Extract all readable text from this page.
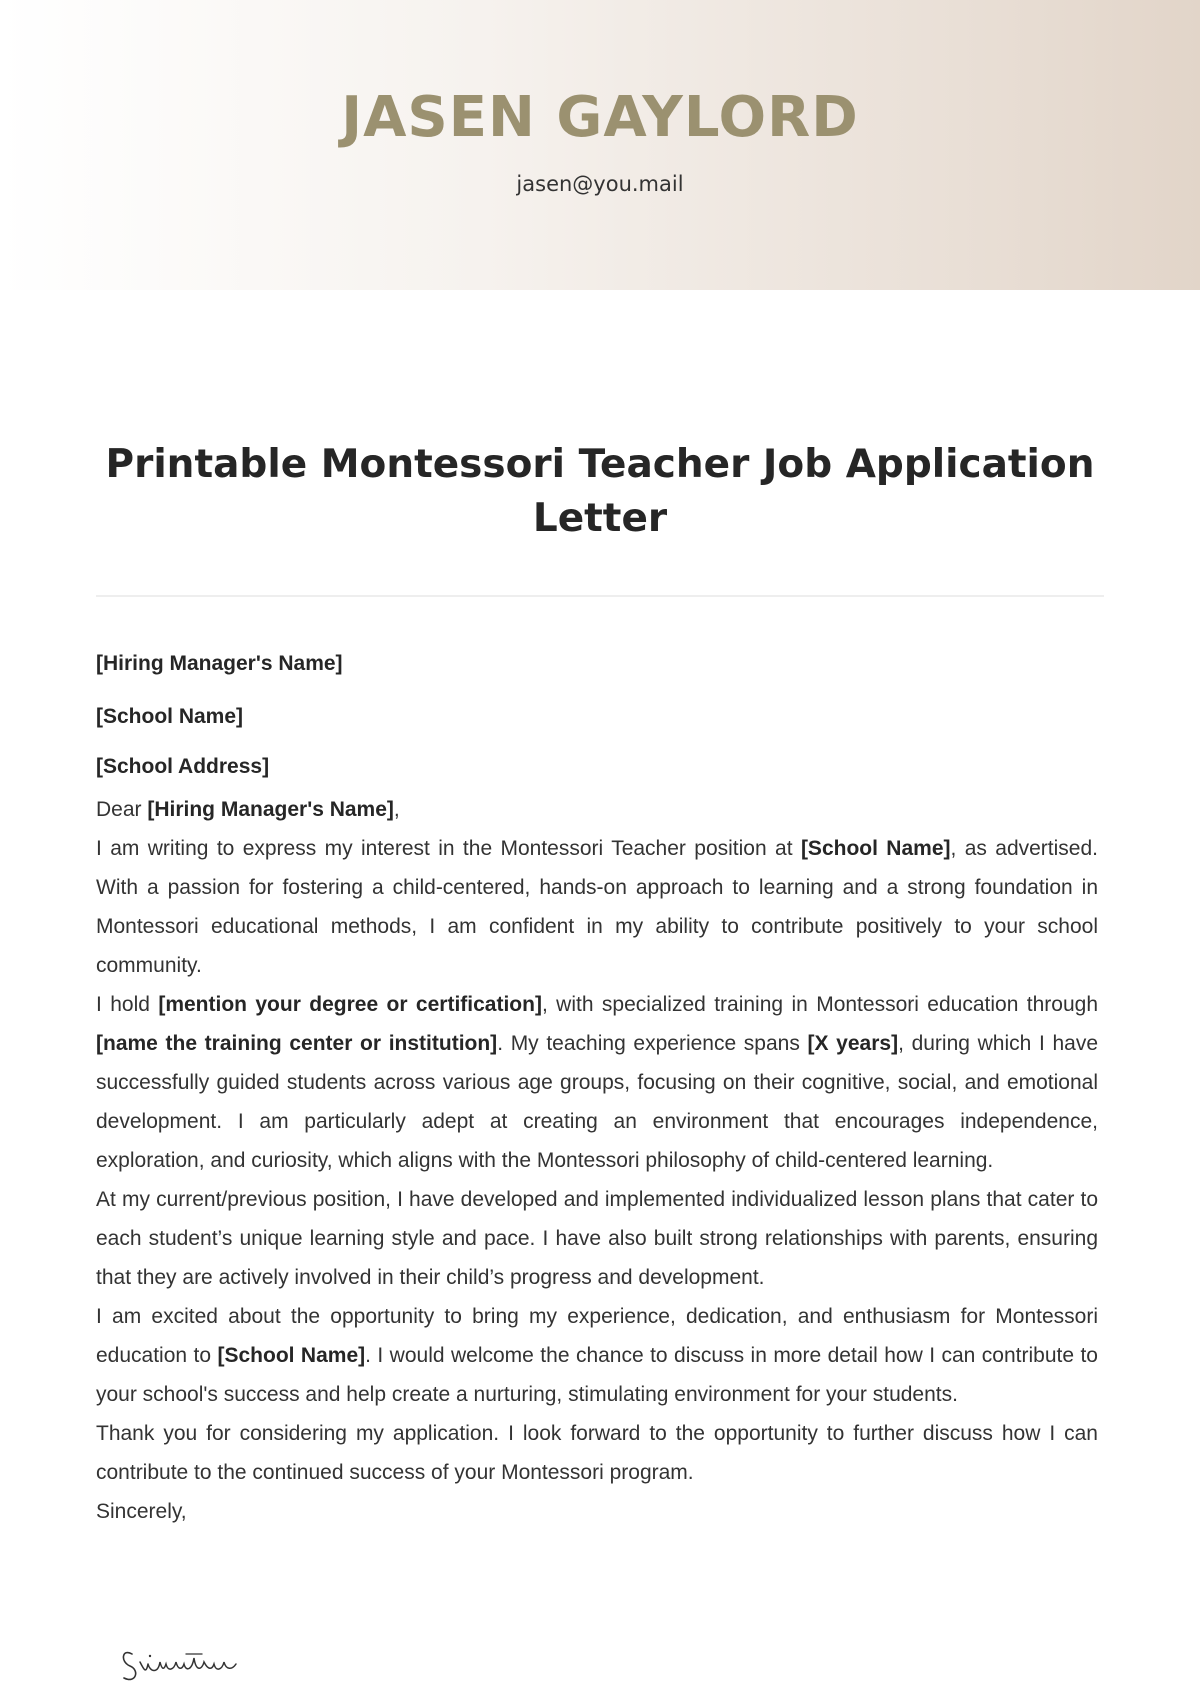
JASEN GAYLORD
jasen@you.mail
Printable Montessori Teacher Job Application Letter
[Hiring Manager's Name]
[School Name]
[School Address]

Dear [Hiring Manager's Name],

I am writing to express my interest in the Montessori Teacher position at [School Name], as advertised. With a passion for fostering a child-centered, hands-on approach to learning and a strong foundation in Montessori educational methods, I am confident in my ability to contribute positively to your school community.

I hold [mention your degree or certification], with specialized training in Montessori education through [name the training center or institution]. My teaching experience spans [X years], during which I have successfully guided students across various age groups, focusing on their cognitive, social, and emotional development. I am particularly adept at creating an environment that encourages independence, exploration, and curiosity, which aligns with the Montessori philosophy of child-centered learning.

At my current/previous position, I have developed and implemented individualized lesson plans that cater to each student’s unique learning style and pace. I have also built strong relationships with parents, ensuring that they are actively involved in their child’s progress and development.

I am excited about the opportunity to bring my experience, dedication, and enthusiasm for Montessori education to [School Name]. I would welcome the chance to discuss in more detail how I can contribute to your school's success and help create a nurturing, stimulating environment for your students.

Thank you for considering my application. I look forward to the opportunity to further discuss how I can contribute to the continued success of your Montessori program.

Sincerely,
